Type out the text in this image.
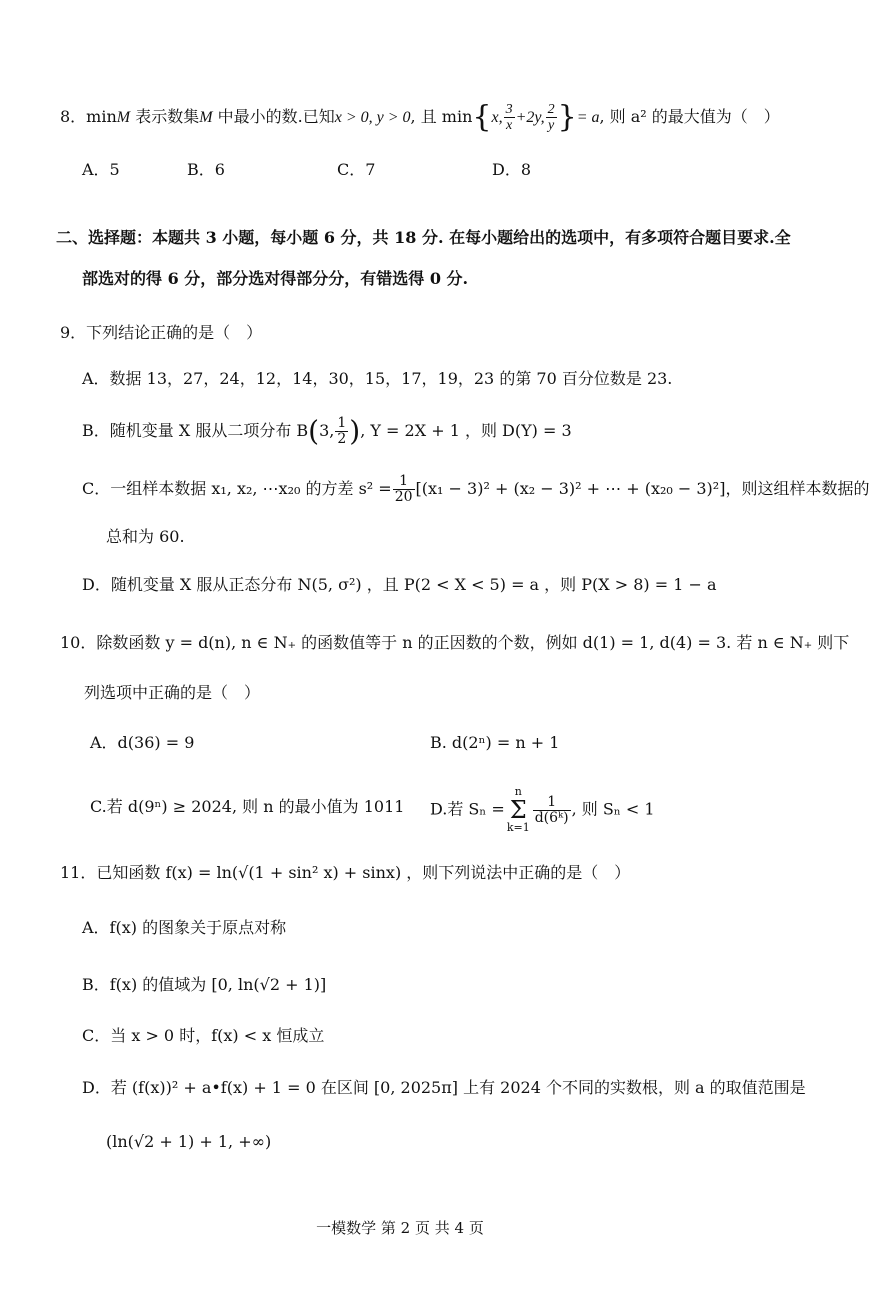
8．minM 表示数集M 中最小的数.已知x > 0, y > 0, 且 min{x, $\frac{3}{x} +2y$, $\frac{2}{y}$ }= a, 则 a² 的最大值为（　）
A．5	B．6	C．7	D．8
二、选择题：本题共 3 小题，每小题 6 分，共 18 分. 在每小题给出的选项中，有多项符合题目要求.全
部选对的得 6 分，部分选对得部分分，有错选得 0 分.
9．下列结论正确的是（　）
A．数据 13，27，24，12，14，30，15，17，19，23 的第 70 百分位数是 23.
B．随机变量 X 服从二项分布 B(3, $\frac{1}{2}$ ), Y = 2X + 1 ，则 D(Y) = 3
C．一组样本数据 x₁, x₂, ⋯x₂₀ 的方差 $s^2 = \frac{1}{20} [(x_1 - 3)^2 + (x_2 - 3)^2$ + ⋯ + (x₂₀ − 3)²]，则这组样本数据的
总和为 60.
D．随机变量 X 服从正态分布 N(5, σ²) ，且 P(2 < X < 5) = a ，则 P(X > 8) = 1 − a
10．除数函数 y = d(n), n ∈ N₊ 的函数值等于 n 的正因数的个数，例如 d(1) = 1, d(4) = 3. 若 n ∈ N₊ 则下
列选项中正确的是（　）
A．d(36) = 9	B. d(2ⁿ) = n + 1
C.若 d(9ⁿ) ≥ 2024, 则 n 的最小值为 1011 D.若 Sₙ =n
Σ
k=1
$\frac{1}{\text{d(6ᵏ)}}$ , 则 Sₙ < 1
11．已知函数 f(x) = ln(√(1 + sin² x) + sinx) ，则下列说法中正确的是（　）
A．f(x) 的图象关于原点对称
B．f(x) 的值域为 [0, ln(√2 + 1)]
C．当 x > 0 时，f(x) < x 恒成立
D．若 (f(x))² + a•f(x) + 1 = 0 在区间 [0, 2025π] 上有 2024 个不同的实数根，则 a 的取值范围是
(ln(√2 + 1) + 1, +∞)
一模数学 第 2 页 共 4 页
